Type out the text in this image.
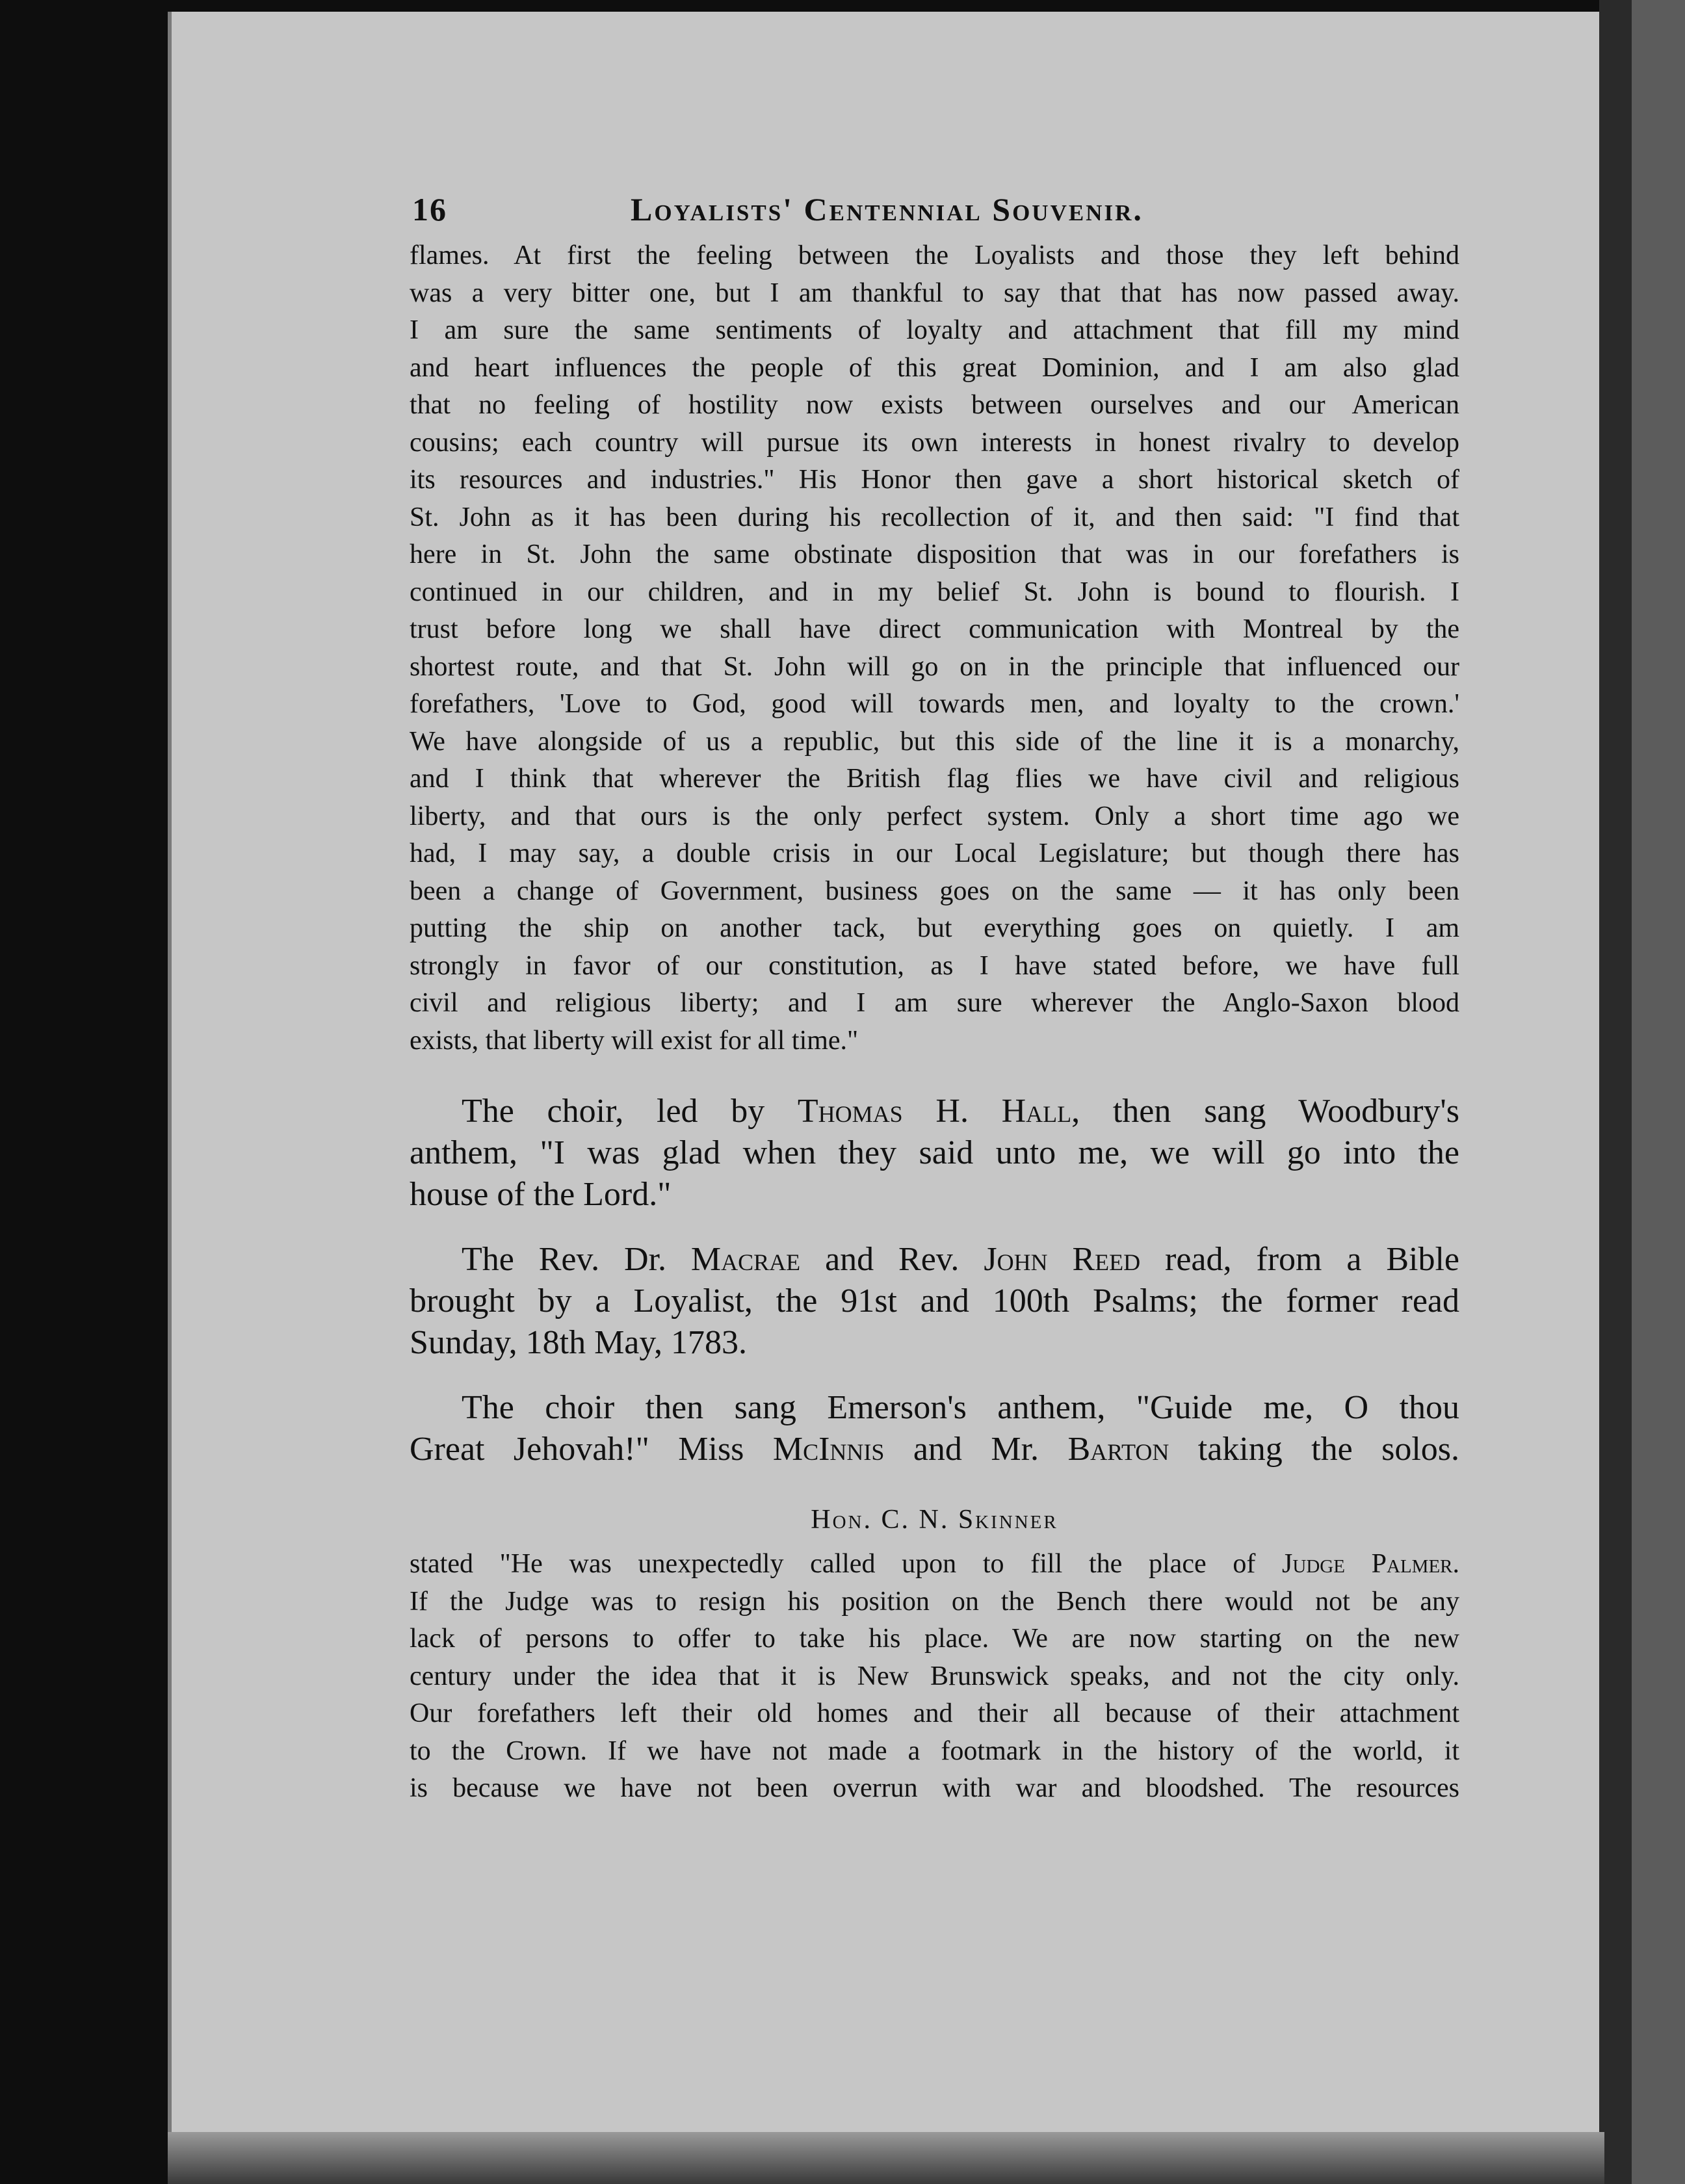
16	Loyalists' Centennial Souvenir.

flames. At first the feeling between the Loyalists and those they left behind

was a very bitter one, but I am thankful to say that that has now passed away.

I am sure the same sentiments of loyalty and attachment that fill my mind

and heart influences the people of this great Dominion, and I am also glad

that no feeling of hostility now exists between ourselves and our American

cousins; each country will pursue its own interests in honest rivalry to develop

its resources and industries." His Honor then gave a short historical sketch of

St. John as it has been during his recollection of it, and then said: "I find that

here in St. John the same obstinate disposition that was in our forefathers is

continued in our children, and in my belief St. John is bound to flourish. I

trust before long we shall have direct communication with Montreal by the

shortest route, and that St. John will go on in the principle that influenced our

forefathers, 'Love to God, good will towards men, and loyalty to the crown.'

We have alongside of us a republic, but this side of the line it is a monarchy,

and I think that wherever the British flag flies we have civil and religious

liberty, and that ours is the only perfect system. Only a short time ago we

had, I may say, a double crisis in our Local Legislature; but though there has

been a change of Government, business goes on the same — it has only been

putting the ship on another tack, but everything goes on quietly. I am

strongly in favor of our constitution, as I have stated before, we have full

civil and religious liberty; and I am sure wherever the Anglo-Saxon blood

exists, that liberty will exist for all time."

The choir, led by Thomas H. Hall, then sang Woodbury's

anthem, "I was glad when they said unto me, we will go into the

house of the Lord."

The Rev. Dr. Macrae and Rev. John Reed read, from a Bible

brought by a Loyalist, the 91st and 100th Psalms; the former read

Sunday, 18th May, 1783.

The choir then sang Emerson's anthem, "Guide me, O thou

Great Jehovah!" Miss McInnis and Mr. Barton taking the solos.

Hon. C. N. Skinner

stated "He was unexpectedly called upon to fill the place of Judge Palmer.

If the Judge was to resign his position on the Bench there would not be any

lack of persons to offer to take his place. We are now starting on the new

century under the idea that it is New Brunswick speaks, and not the city only.

Our forefathers left their old homes and their all because of their attachment

to the Crown. If we have not made a footmark in the history of the world, it

is because we have not been overrun with war and bloodshed. The resources
